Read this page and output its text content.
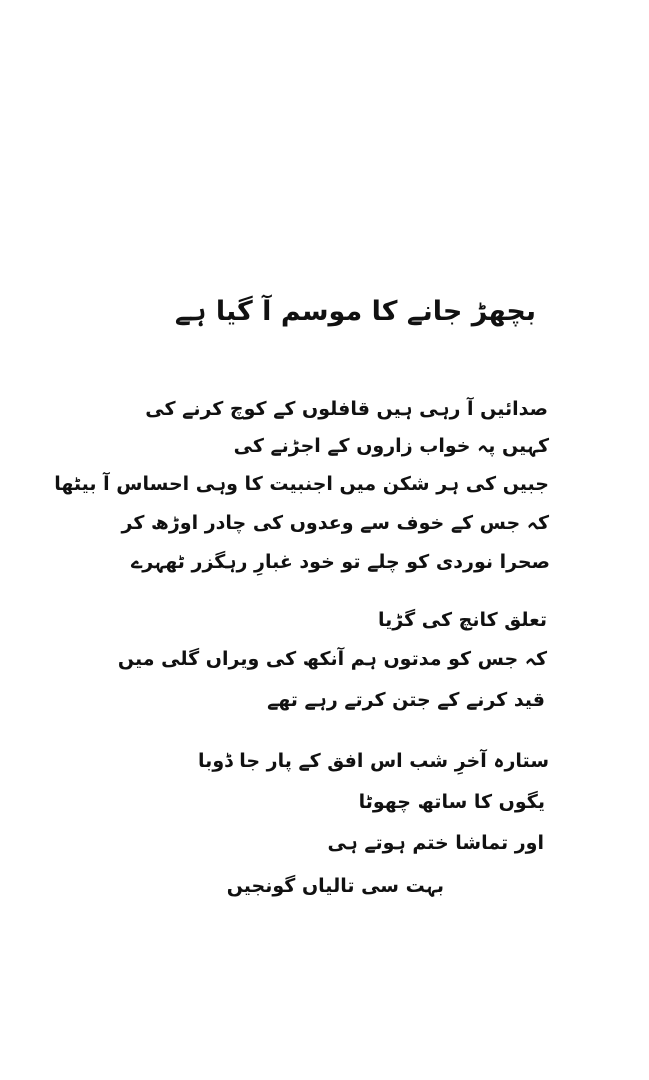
بچھڑ جانے کا موسم آ گیا ہے
صدائیں آ رہی ہیں قافلوں کے کوچ کرنے کی
کہیں پہ خواب زاروں کے اجڑنے کی
جبیں کی ہر شکن میں اجنبیت کا وہی احساس آ بیٹھا
کہ جس کے خوف سے وعدوں کی چادر اوڑھ کر
صحرا نوردی کو چلے تو خود غبارِ رہگزر ٹھہرے
تعلق کانچ کی گڑیا
کہ جس کو مدتوں ہم آنکھ کی ویراں گلی میں
قید کرنے کے جتن کرتے رہے تھے
ستارہ آخرِ شب اس افق کے پار جا ڈوبا
یگوں کا ساتھ چھوٹا
اور تماشا ختم ہوتے ہی
بہت سی تالیاں گونجیں
